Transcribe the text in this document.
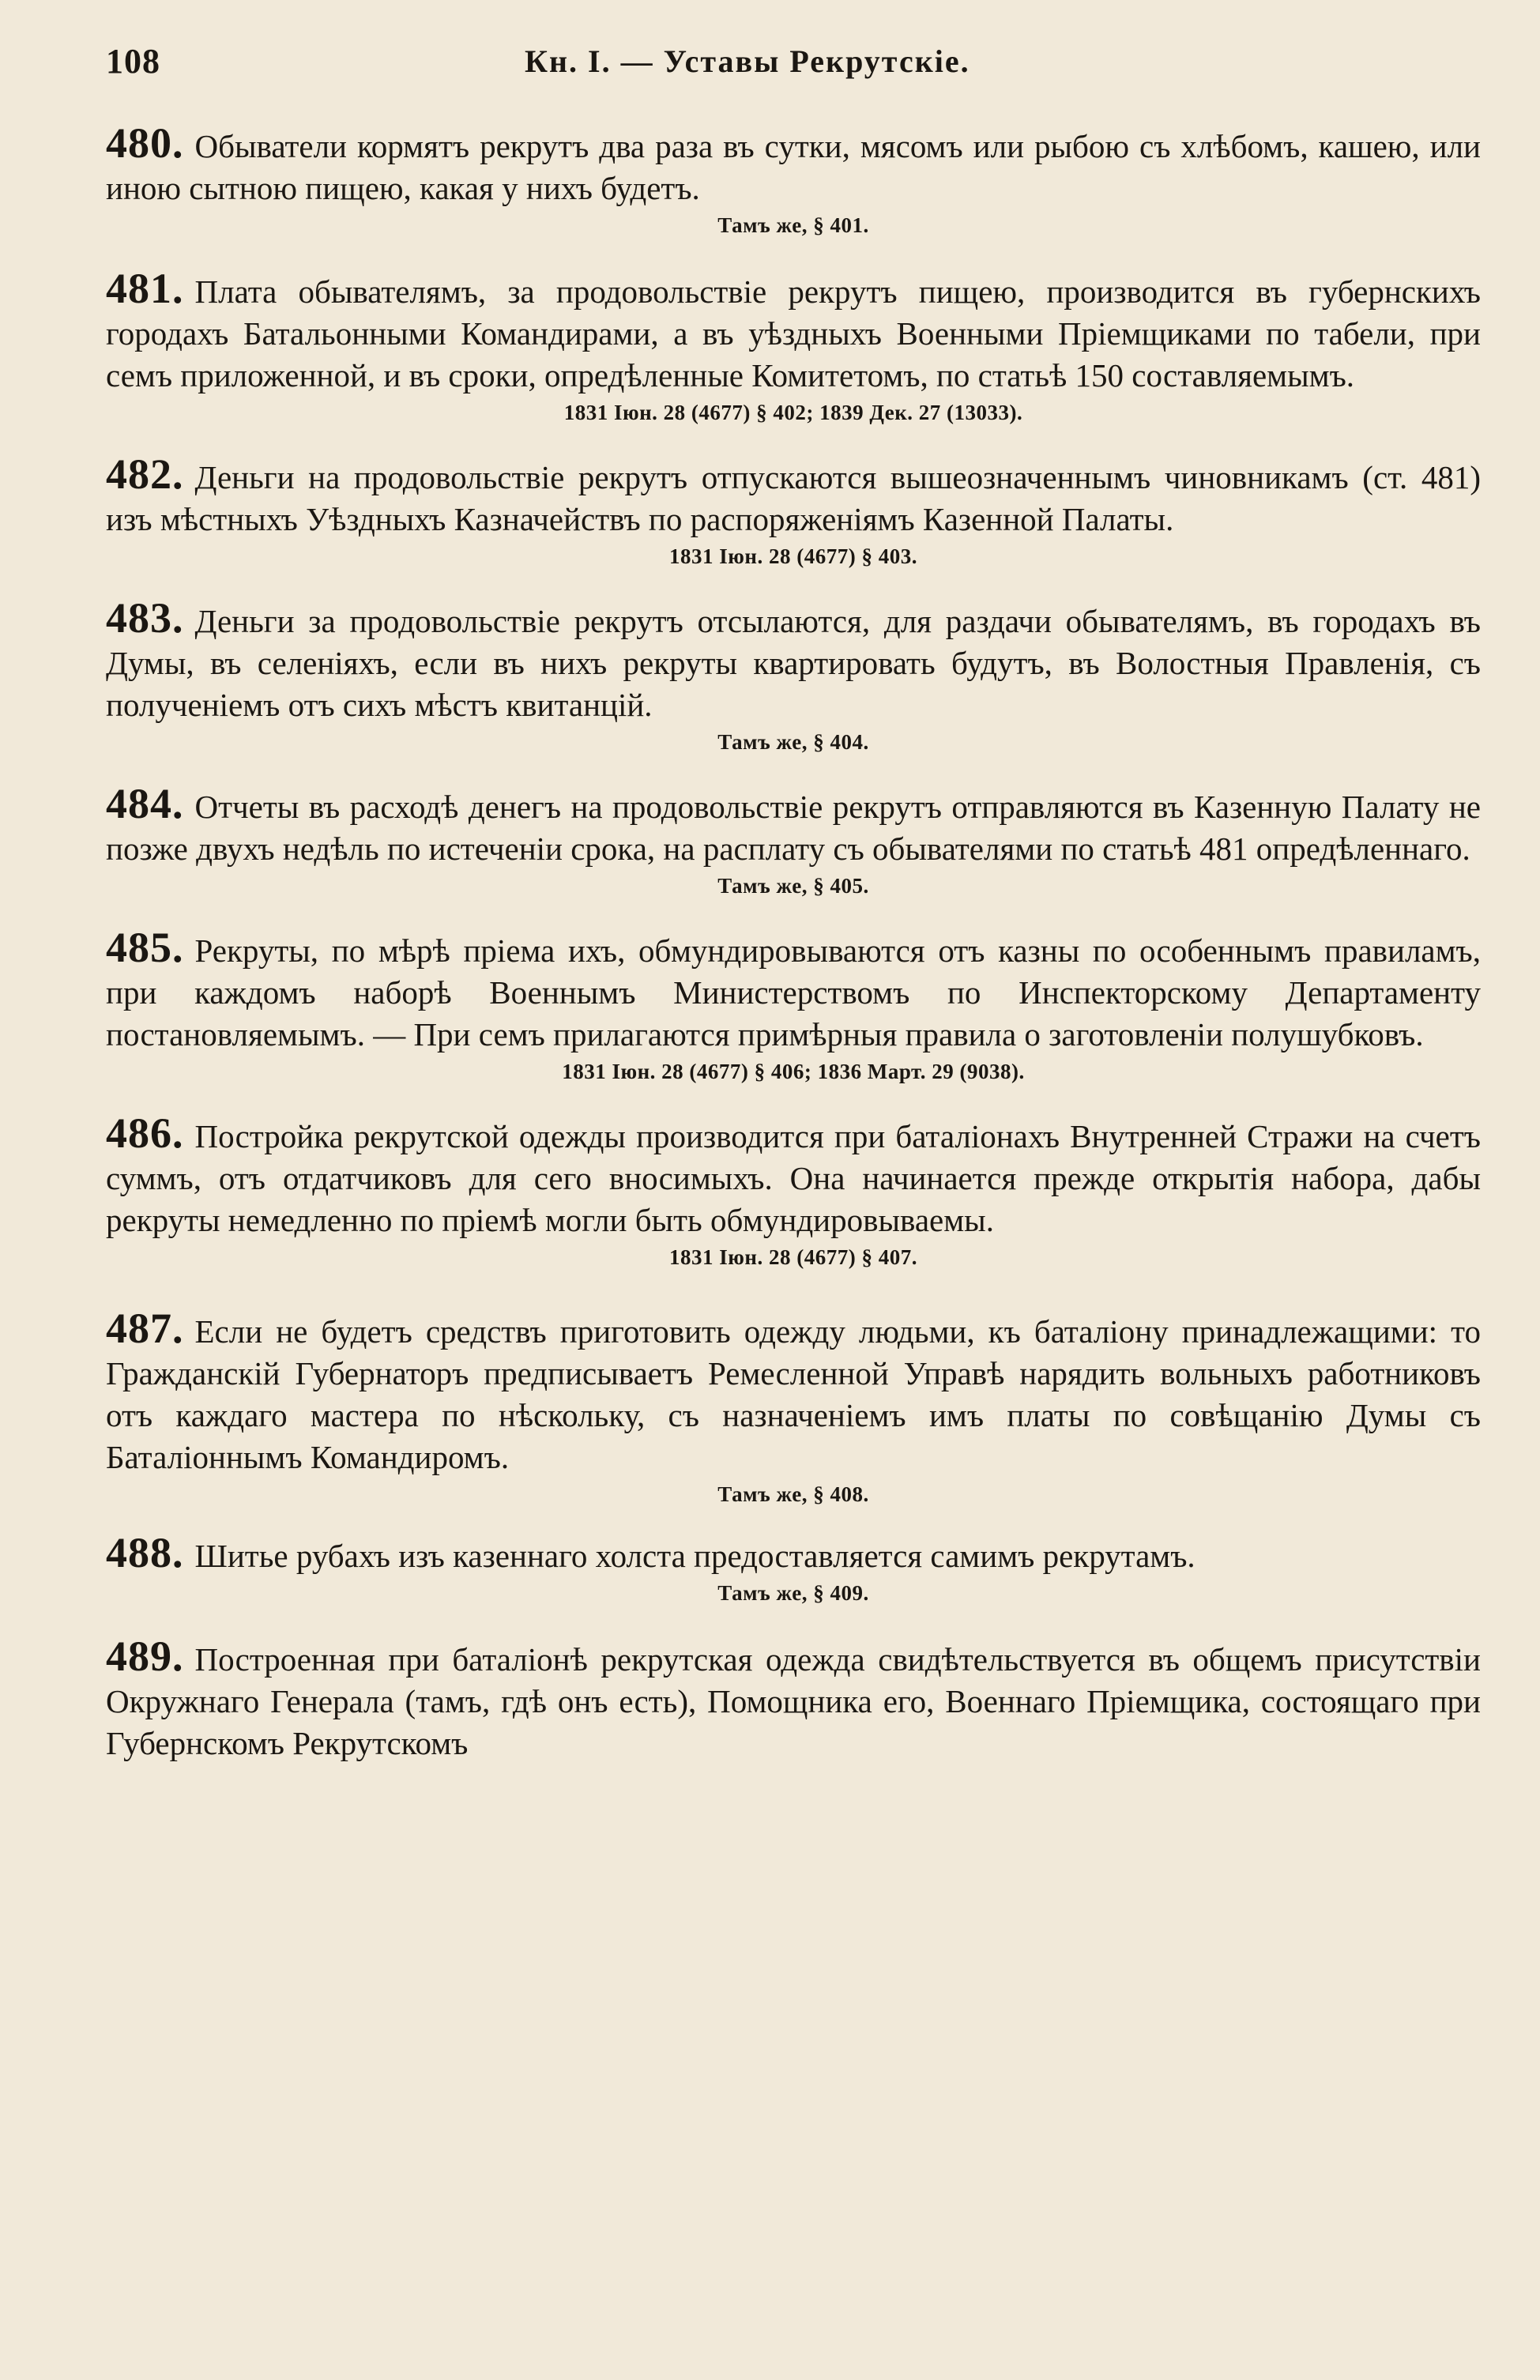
108	Кн. I. — Уставы Рекрутскіе.

480. Обыватели кормятъ рекрутъ два раза въ сутки, мясомъ или рыбою съ хлѣбомъ, кашею, или иною сытною пищею, какая у нихъ будетъ.

Тамъ же, § 401.

481. Плата обывателямъ, за продовольствіе рекрутъ пищею, производится въ губернскихъ городахъ Батальонными Командирами, а въ уѣздныхъ Военными Пріемщиками по табели, при семъ приложенной, и въ сроки, опредѣленные Комитетомъ, по статьѣ 150 составляемымъ.

1831 Іюн. 28 (4677) § 402; 1839 Дек. 27 (13033).

482. Деньги на продовольствіе рекрутъ отпускаются вышеозначеннымъ чиновникамъ (ст. 481) изъ мѣстныхъ Уѣздныхъ Казначействъ по распоряженіямъ Казенной Палаты.

1831 Іюн. 28 (4677) § 403.

483. Деньги за продовольствіе рекрутъ отсылаются, для раздачи обывателямъ, въ городахъ въ Думы, въ селеніяхъ, если въ нихъ рекруты квартировать будутъ, въ Волостныя Правленія, съ полученіемъ отъ сихъ мѣстъ квитанцій.

Тамъ же, § 404.

484. Отчеты въ расходѣ денегъ на продовольствіе рекрутъ отправляются въ Казенную Палату не позже двухъ недѣль по истеченіи срока, на расплату съ обывателями по статьѣ 481 опредѣленнаго.

Тамъ же, § 405.

485. Рекруты, по мѣрѣ пріема ихъ, обмундировываются отъ казны по особеннымъ правиламъ, при каждомъ наборѣ Военнымъ Министерствомъ по Инспекторскому Департаменту постановляемымъ. — При семъ прилагаются примѣрныя правила о заготовленіи полушубковъ.

1831 Іюн. 28 (4677) § 406; 1836 Март. 29 (9038).

486. Постройка рекрутской одежды производится при баталіонахъ Внутренней Стражи на счетъ суммъ, отъ отдатчиковъ для сего вносимыхъ. Она начинается прежде открытія набора, дабы рекруты немедленно по пріемѣ могли быть обмундировываемы.

1831 Іюн. 28 (4677) § 407.

487. Если не будетъ средствъ приготовить одежду людьми, къ баталіону принадлежащими: то Гражданскій Губернаторъ предписываетъ Ремесленной Управѣ нарядить вольныхъ работниковъ отъ каждаго мастера по нѣскольку, съ назначеніемъ имъ платы по совѣщанію Думы съ Баталіоннымъ Командиромъ.

Тамъ же, § 408.

488. Шитье рубахъ изъ казеннаго холста предоставляется самимъ рекрутамъ.

Тамъ же, § 409.

489. Построенная при баталіонѣ рекрутская одежда свидѣтельствуется въ общемъ присутствіи Окружнаго Генерала (тамъ, гдѣ онъ есть), Помощника его, Военнаго Пріемщика, состоящаго при Губернскомъ Рекрутскомъ
